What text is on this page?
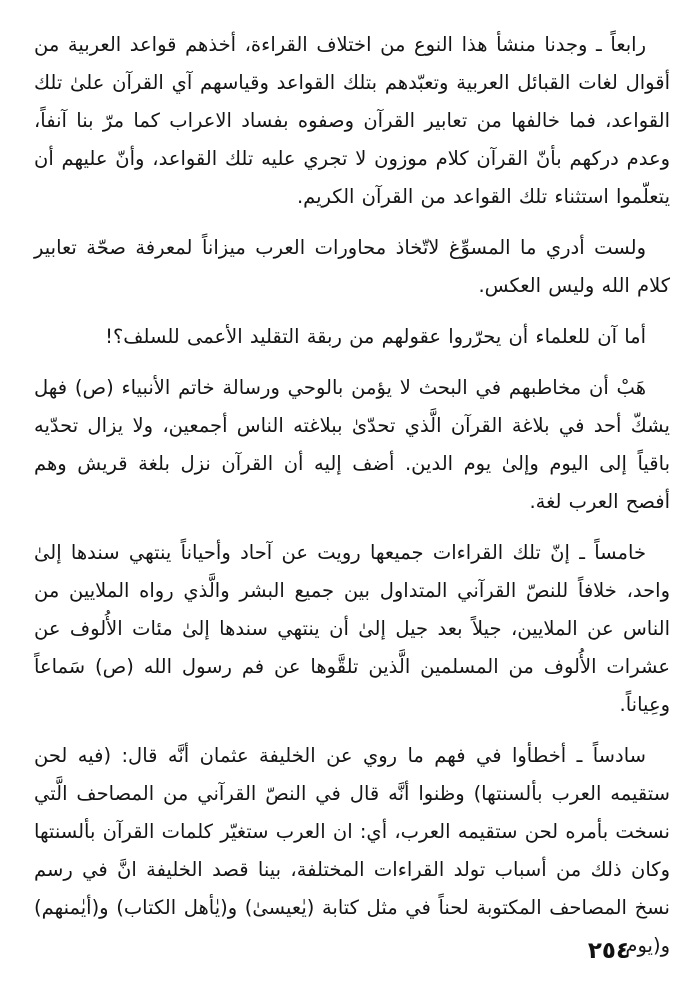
رابعاً ـ وجدنا منشأ هذا النوع من اختلاف القراءة، أخذهم قواعد العربية من أقوال لغات القبائل العربية وتعبّدهم بتلك القواعد وقياسهم آي القرآن علىٰ تلك القواعد، فما خالفها من تعابير القرآن وصفوه بفساد الاعراب كما مرّ بنا آنفاً، وعدم دركهم بأنّ القرآن كلام موزون لا تجري عليه تلك القواعد، وأنّ عليهم أن يتعلّموا استثناء تلك القواعد من القرآن الكريم.

ولست أدري ما المسوِّغ لاتّخاذ محاورات العرب ميزاناً لمعرفة صحّة تعابير كلام الله وليس العكس.

أما آن للعلماء أن يحرّروا عقولهم من ربقة التقليد الأعمى للسلف؟!

هَبْ أن مخاطبهم في البحث لا يؤمن بالوحي ورسالة خاتم الأنبياء (ص) فهل يشكّ أحد في بلاغة القرآن الَّذي تحدّىٰ ببلاغته الناس أجمعين، ولا يزال تحدّيه باقياً إلى اليوم وإلىٰ يوم الدين. أضف إليه أن القرآن نزل بلغة قريش وهم أفصح العرب لغة.

خامساً ـ إنّ تلك القراءات جميعها رويت عن آحاد وأحياناً ينتهي سندها إلىٰ واحد، خلافاً للنصّ القرآني المتداول بين جميع البشر والَّذي رواه الملايين من الناس عن الملايين، جيلاً بعد جيل إلىٰ أن ينتهي سندها إلىٰ مئات الأُلوف عن عشرات الأُلوف من المسلمين الَّذين تلقَّوها عن فم رسول الله (ص) سَماعاً وعِياناً.

سادساً ـ أخطأوا في فهم ما روي عن الخليفة عثمان أنَّه قال: (فيه لحن ستقيمه العرب بألسنتها) وظنوا أنَّه قال في النصّ القرآني من المصاحف الَّتي نسخت بأمره لحن ستقيمه العرب، أي: ان العرب ستغيّر كلمات القرآن بألسنتها وكان ذلك من أسباب تولد القراءات المختلفة، بينا قصد الخليفة انَّ في رسم نسخ المصاحف المكتوبة لحناً في مثل كتابة (يٰعيسىٰ) و(يٰأهل الكتاب) و(أيٰمنهم) و(يوم

٢٥٤
